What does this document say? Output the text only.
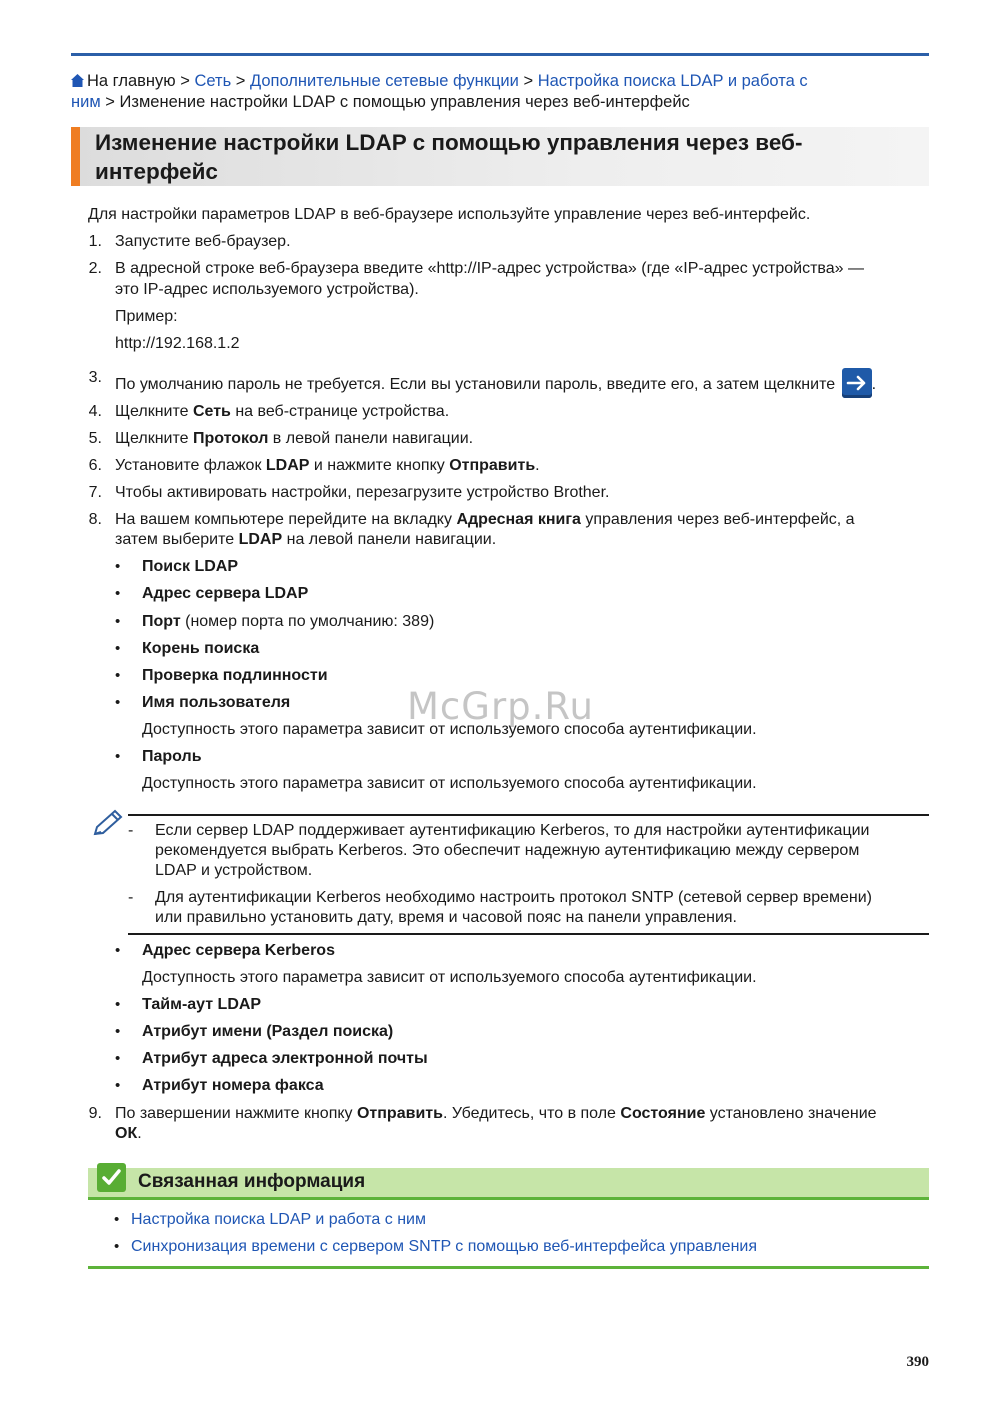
На главную > Сеть > Дополнительные сетевые функции > Настройка поиска LDAP и работа с
ним > Изменение настройки LDAP с помощью управления через веб-интерфейс
Изменение настройки LDAP с помощью управления через веб-
интерфейс
Для настройки параметров LDAP в веб-браузере используйте управление через веб-интерфейс.
1. Запустите веб-браузер.
2. В адресной строке веб-браузера введите «http://IP-адрес устройства» (где «IP-адрес устройства» —
это IP-адрес используемого устройства).
Пример:
http://192.168.1.2
3. По умолчанию пароль не требуется. Если вы установили пароль, введите его, а затем щелкните .
4. Щелкните Сеть на веб-странице устройства.
5. Щелкните Протокол в левой панели навигации.
6. Установите флажок LDAP и нажмите кнопку Отправить.
7. Чтобы активировать настройки, перезагрузите устройство Brother.
8. На вашем компьютере перейдите на вкладку Адресная книга управления через веб-интерфейс, а
затем выберите LDAP на левой панели навигации.
• Поиск LDAP
• Адрес сервера LDAP
• Порт (номер порта по умолчанию: 389)
• Корень поиска
• Проверка подлинности
• Имя пользователя
Доступность этого параметра зависит от используемого способа аутентификации.
• Пароль
Доступность этого параметра зависит от используемого способа аутентификации.
- Если сервер LDAP поддерживает аутентификацию Kerberos, то для настройки аутентификации
рекомендуется выбрать Kerberos. Это обеспечит надежную аутентификацию между сервером
LDAP и устройством.
- Для аутентификации Kerberos необходимо настроить протокол SNTP (сетевой сервер времени)
или правильно установить дату, время и часовой пояс на панели управления.
• Адрес сервера Kerberos
Доступность этого параметра зависит от используемого способа аутентификации.
• Тайм-аут LDAP
• Атрибут имени (Раздел поиска)
• Атрибут адреса электронной почты
• Атрибут номера факса
9. По завершении нажмите кнопку Отправить. Убедитесь, что в поле Состояние установлено значение
ОК.
Связанная информация
• Настройка поиска LDAP и работа с ним
• Синхронизация времени с сервером SNTP с помощью веб-интерфейса управления
McGrp.Ru
390
